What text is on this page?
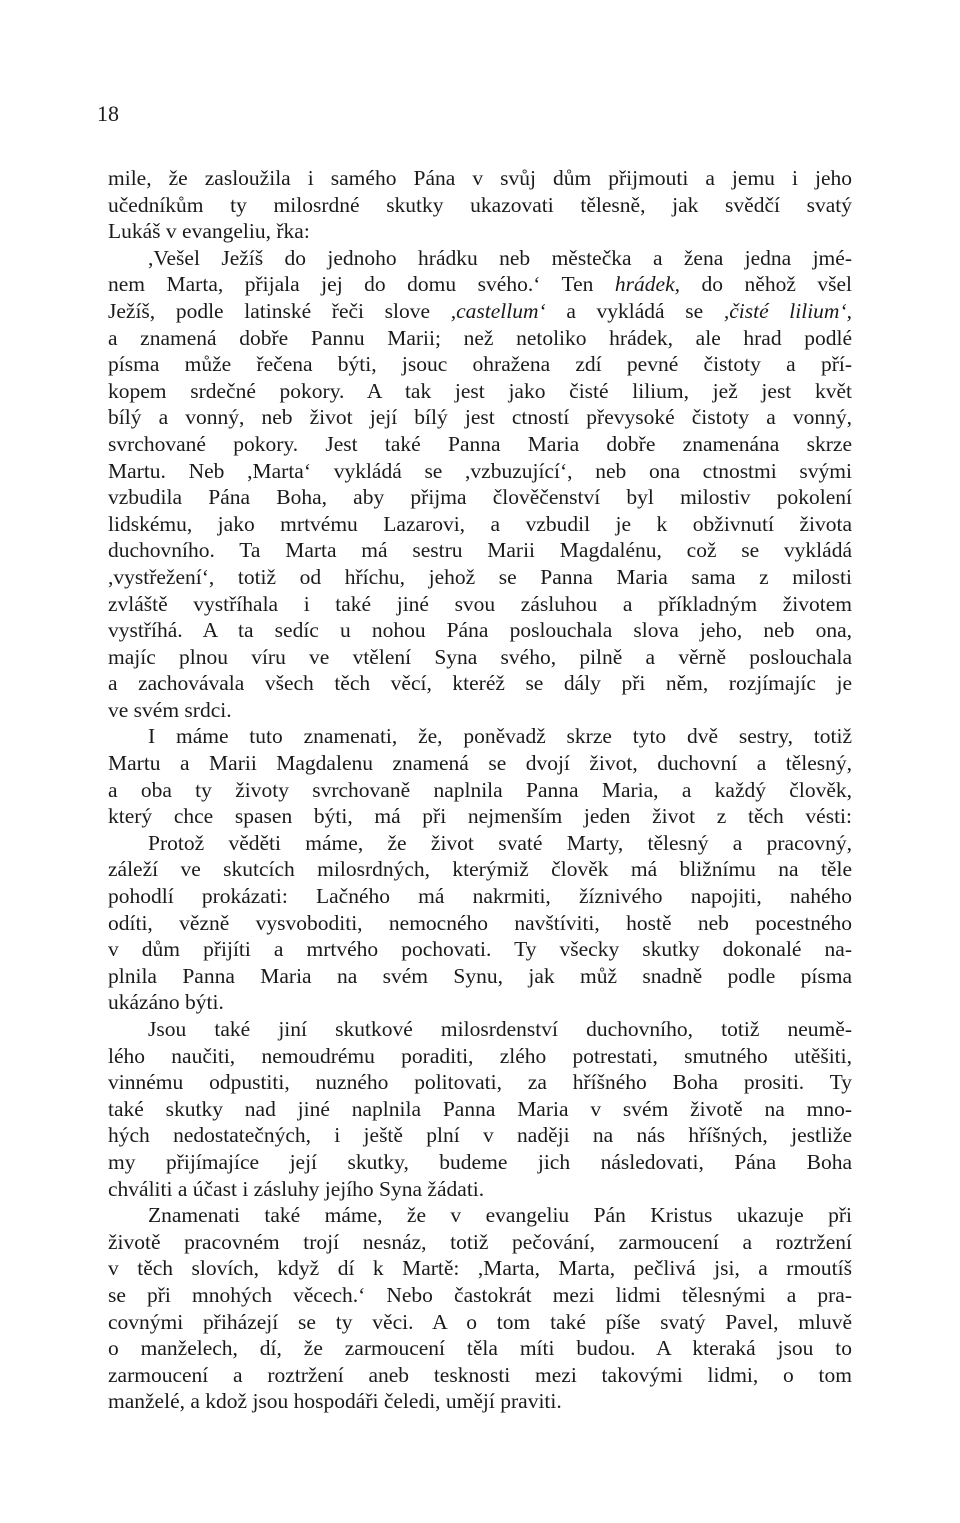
18
mile, že zasloužila i samého Pána v svůj dům přijmouti a jemu i jeho
učedníkům ty milosrdné skutky ukazovati tělesně, jak svědčí svatý
Lukáš v evangeliu, řka:
,Vešel Ježíš do jednoho hrádku neb městečka a žena jedna jmé-
nem Marta, přijala jej do domu svého.‘ Ten hrádek, do něhož všel
Ježíš, podle latinské řeči slove ,castellum‘ a vykládá se ,čisté lilium‘,
a znamená dobře Pannu Marii; než netoliko hrádek, ale hrad podlé
písma může řečena býti, jsouc ohražena zdí pevné čistoty a pří-
kopem srdečné pokory. A tak jest jako čisté lilium, jež jest květ
bílý a vonný, neb život její bílý jest ctností převysoké čistoty a vonný,
svrchované pokory. Jest také Panna Maria dobře znamenána skrze
Martu. Neb ,Marta‘ vykládá se ,vzbuzující‘, neb ona ctnostmi svými
vzbudila Pána Boha, aby přijma člověčenství byl milostiv pokolení
lidskému, jako mrtvému Lazarovi, a vzbudil je k obživnutí života
duchovního. Ta Marta má sestru Marii Magdalénu, což se vykládá
,vystřežení‘, totiž od hříchu, jehož se Panna Maria sama z milosti
zvláště vystříhala i také jiné svou zásluhou a příkladným životem
vystříhá. A ta sedíc u nohou Pána poslouchala slova jeho, neb ona,
majíc plnou víru ve vtělení Syna svého, pilně a věrně poslouchala
a zachovávala všech těch věcí, kteréž se dály při něm, rozjímajíc je
ve svém srdci.
I máme tuto znamenati, že, poněvadž skrze tyto dvě sestry, totiž
Martu a Marii Magdalenu znamená se dvojí život, duchovní a tělesný,
a oba ty životy svrchovaně naplnila Panna Maria, a každý člověk,
který chce spasen býti, má při nejmenším jeden život z těch vésti:
Protož věděti máme, že život svaté Marty, tělesný a pracovný,
záleží ve skutcích milosrdných, kterýmiž člověk má bližnímu na těle
pohodlí prokázati: Lačného má nakrmiti, žíznivého napojiti, nahého
odíti, vězně vysvoboditi, nemocného navštíviti, hostě neb pocestného
v dům přijíti a mrtvého pochovati. Ty všecky skutky dokonalé na-
plnila Panna Maria na svém Synu, jak můž snadně podle písma
ukázáno býti.
Jsou také jiní skutkové milosrdenství duchovního, totiž neumě-
lého naučiti, nemoudrému poraditi, zlého potrestati, smutného utěšiti,
vinnému odpustiti, nuzného politovati, za hříšného Boha prositi. Ty
také skutky nad jiné naplnila Panna Maria v svém životě na mno-
hých nedostatečných, i ještě plní v naději na nás hříšných, jestliže
my přijímajíce její skutky, budeme jich následovati, Pána Boha
chváliti a účast i zásluhy jejího Syna žádati.
Znamenati také máme, že v evangeliu Pán Kristus ukazuje při
životě pracovném trojí nesnáz, totiž pečování, zarmoucení a roztržení
v těch slovích, když dí k Martě: ,Marta, Marta, pečlivá jsi, a rmoutíš
se při mnohých věcech.‘ Nebo častokrát mezi lidmi tělesnými a pra-
covnými přiházejí se ty věci. A o tom také píše svatý Pavel, mluvě
o manželech, dí, že zarmoucení těla míti budou. A kteraká jsou to
zarmoucení a roztržení aneb tesknosti mezi takovými lidmi, o tom
manželé, a kdož jsou hospodáři čeledi, umějí praviti.
